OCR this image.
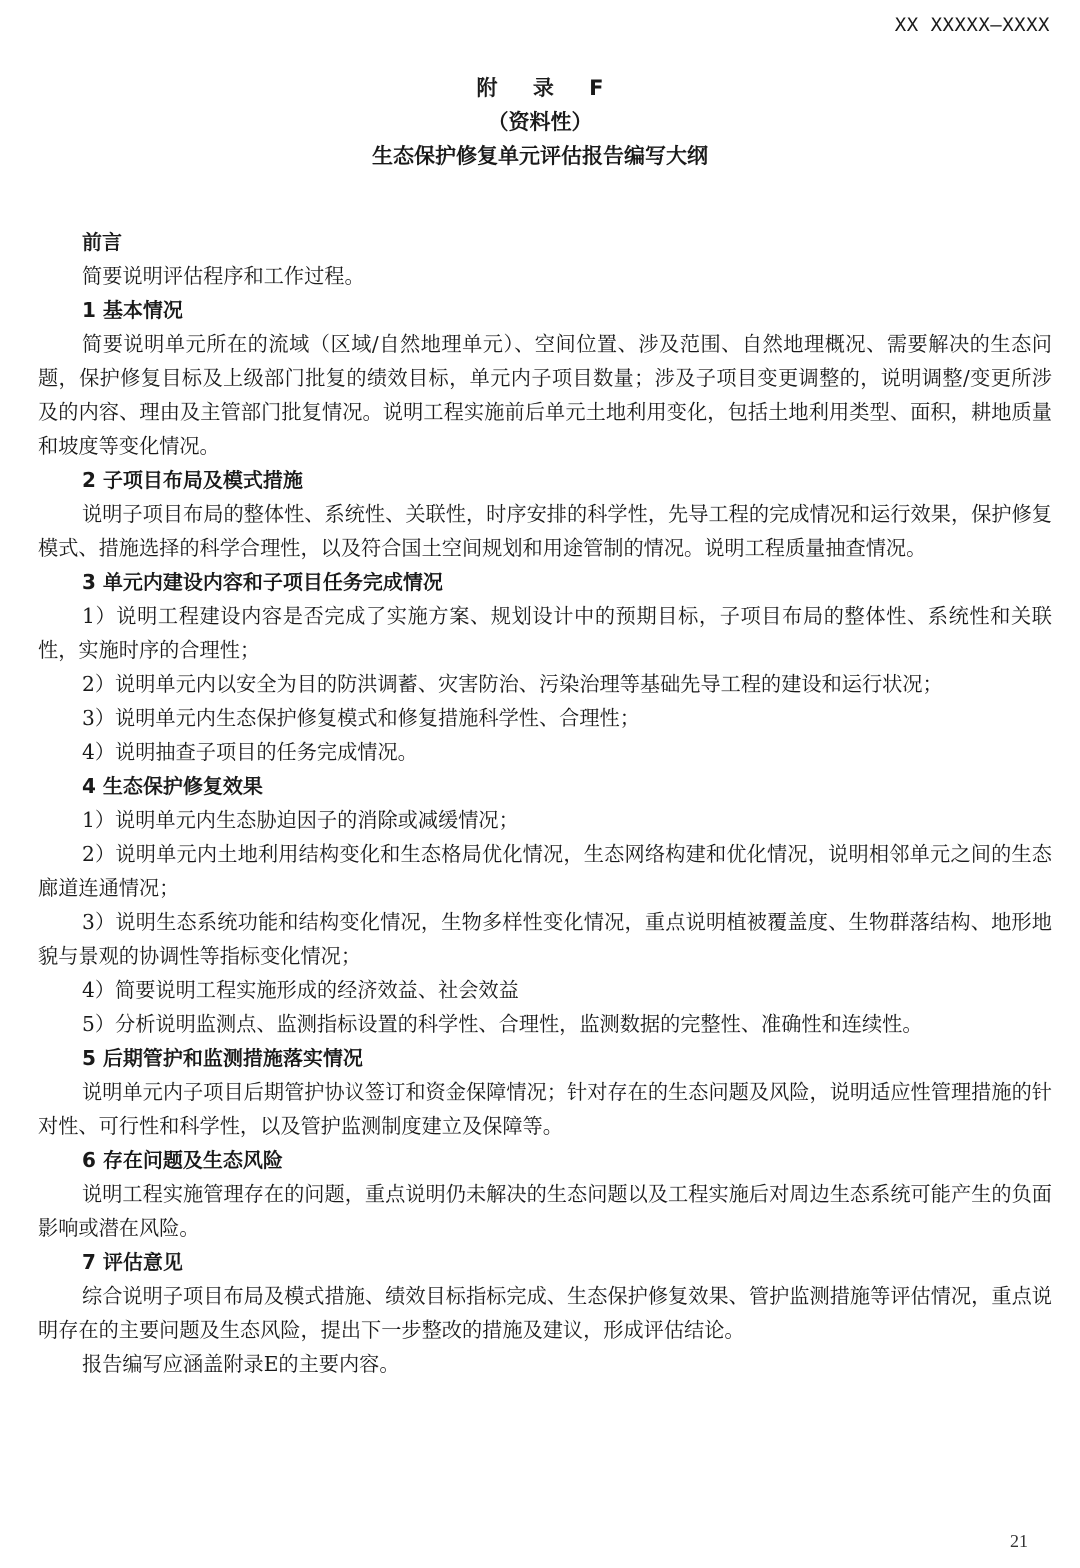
XX XXXXX—XXXX
附 录 F
（资料性）
生态保护修复单元评估报告编写大纲
前言
简要说明评估程序和工作过程。
1 基本情况
简要说明单元所在的流域（区域/自然地理单元）、空间位置、涉及范围、自然地理概况、需要解决的生态问题，保护修复目标及上级部门批复的绩效目标，单元内子项目数量；涉及子项目变更调整的，说明调整/变更所涉及的内容、理由及主管部门批复情况。说明工程实施前后单元土地利用变化，包括土地利用类型、面积，耕地质量和坡度等变化情况。
2 子项目布局及模式措施
说明子项目布局的整体性、系统性、关联性，时序安排的科学性，先导工程的完成情况和运行效果，保护修复模式、措施选择的科学合理性，以及符合国土空间规划和用途管制的情况。说明工程质量抽查情况。
3 单元内建设内容和子项目任务完成情况
1）说明工程建设内容是否完成了实施方案、规划设计中的预期目标，子项目布局的整体性、系统性和关联性，实施时序的合理性；
2）说明单元内以安全为目的防洪调蓄、灾害防治、污染治理等基础先导工程的建设和运行状况；
3）说明单元内生态保护修复模式和修复措施科学性、合理性；
4）说明抽查子项目的任务完成情况。
4 生态保护修复效果
1）说明单元内生态胁迫因子的消除或减缓情况；
2）说明单元内土地利用结构变化和生态格局优化情况，生态网络构建和优化情况，说明相邻单元之间的生态廊道连通情况；
3）说明生态系统功能和结构变化情况，生物多样性变化情况，重点说明植被覆盖度、生物群落结构、地形地貌与景观的协调性等指标变化情况；
4）简要说明工程实施形成的经济效益、社会效益
5）分析说明监测点、监测指标设置的科学性、合理性，监测数据的完整性、准确性和连续性。
5 后期管护和监测措施落实情况
说明单元内子项目后期管护协议签订和资金保障情况；针对存在的生态问题及风险，说明适应性管理措施的针对性、可行性和科学性，以及管护监测制度建立及保障等。
6 存在问题及生态风险
说明工程实施管理存在的问题，重点说明仍未解决的生态问题以及工程实施后对周边生态系统可能产生的负面影响或潜在风险。
7 评估意见
综合说明子项目布局及模式措施、绩效目标指标完成、生态保护修复效果、管护监测措施等评估情况，重点说明存在的主要问题及生态风险，提出下一步整改的措施及建议，形成评估结论。
报告编写应涵盖附录E的主要内容。
21
